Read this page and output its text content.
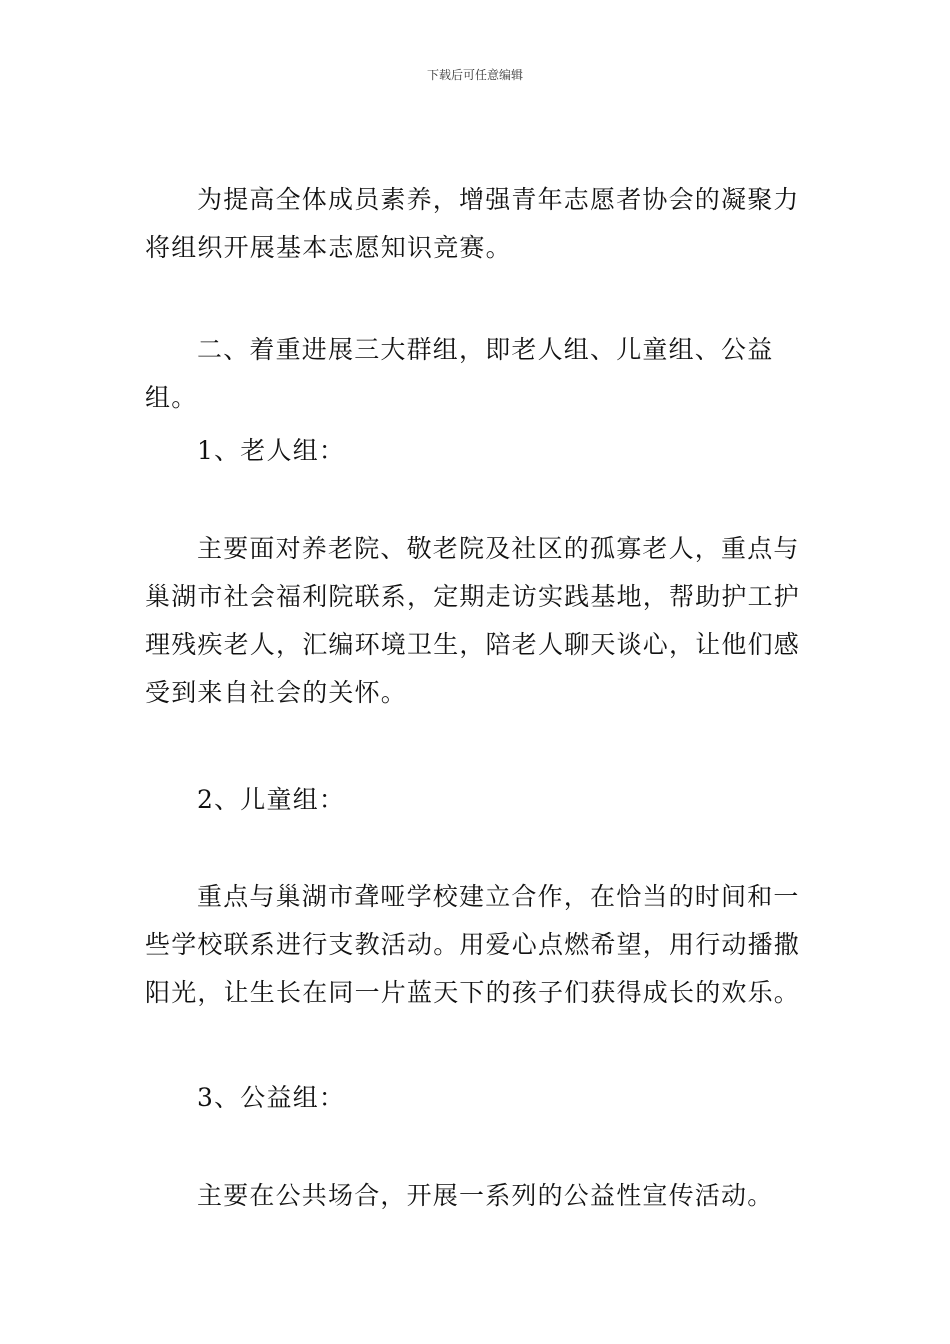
下载后可任意编辑

为提高全体成员素养，增强青年志愿者协会的凝聚力将组织开展基本志愿知识竞赛。

二、着重进展三大群组，即老人组、儿童组、公益组。

1、老人组：

主要面对养老院、敬老院及社区的孤寡老人，重点与巢湖市社会福利院联系，定期走访实践基地，帮助护工护理残疾老人，汇编环境卫生，陪老人聊天谈心，让他们感受到来自社会的关怀。

2、儿童组：

重点与巢湖市聋哑学校建立合作，在恰当的时间和一些学校联系进行支教活动。用爱心点燃希望，用行动播撒阳光，让生长在同一片蓝天下的孩子们获得成长的欢乐。

3、公益组：

主要在公共场合，开展一系列的公益性宣传活动。
